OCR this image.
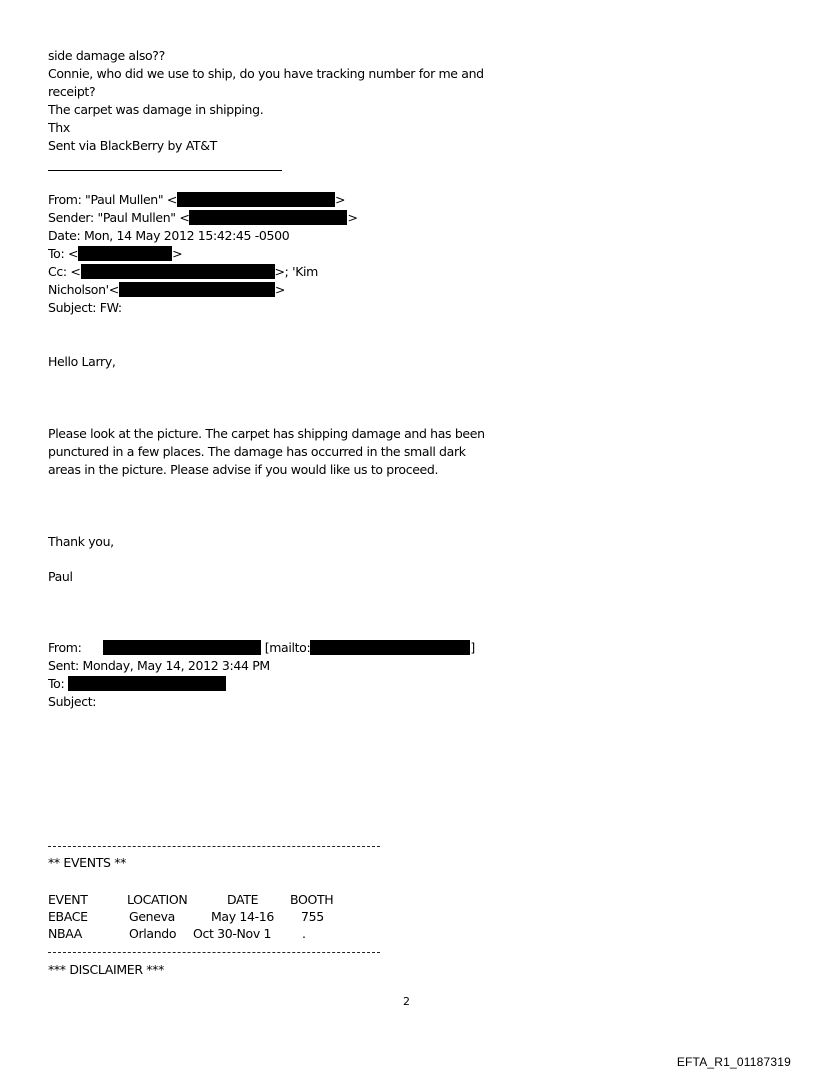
side damage also??
Connie, who did we use to ship, do you have tracking number for me and
receipt?
The carpet was damage in shipping.
Thx
Sent via BlackBerry by AT&T
From: "Paul Mullen" <	>
Sender: "Paul Mullen" <	>
Date: Mon, 14 May 2012 15:42:45 -0500
To: <	>
Cc: <	>; 'Kim
Nicholson'<	>
Subject: FW:
Hello Larry,
Please look at the picture. The carpet has shipping damage and has been
punctured in a few places. The damage has occurred in the small dark
areas in the picture. Please advise if you would like us to proceed.
Thank you,
Paul
From:	[mailto:	]
Sent: Monday, May 14, 2012 3:44 PM
To:
Subject:
** EVENTS **
EVENT	LOCATION	DATE	BOOTH
EBACE	Geneva	May 14-16 755
NBAA	Orlando Oct 30-Nov 1 .
*** DISCLAIMER ***
2
EFTA_R1_01187319
